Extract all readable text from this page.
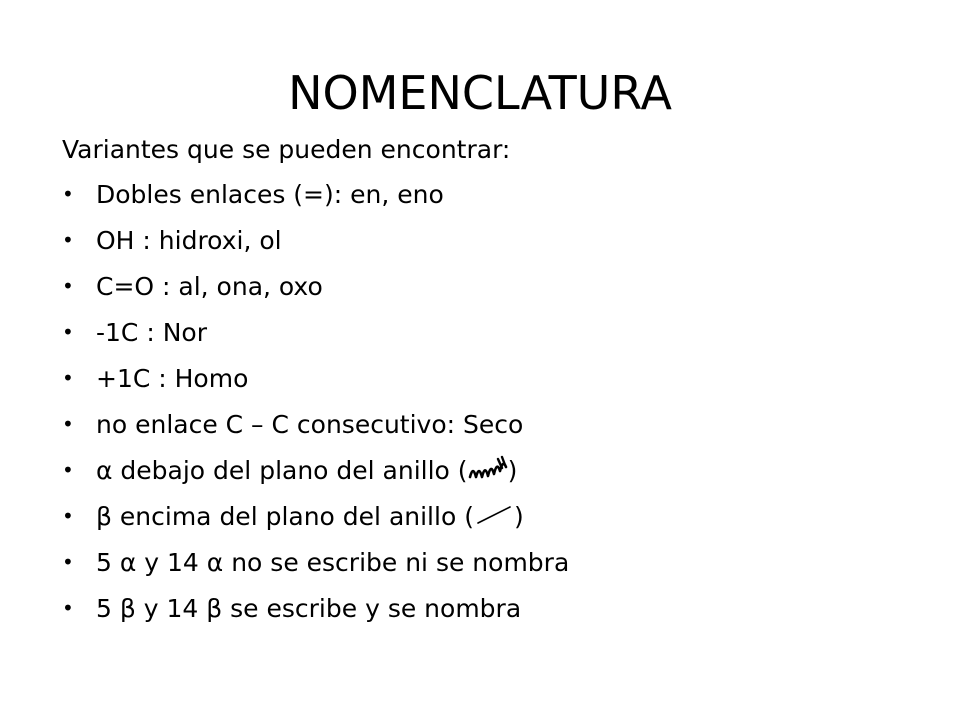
NOMENCLATURA
Variantes que se pueden encontrar:
• Dobles enlaces (=): en, eno
• OH : hidroxi, ol
• C=O : al, ona, oxo
• -1C : Nor
• +1C : Homo
• no enlace C – C consecutivo: Seco
• α debajo del plano del anillo ( )
• β encima del plano del anillo ( )
• 5 α y 14 α no se escribe ni se nombra
• 5 β y 14 β se escribe y se nombra
